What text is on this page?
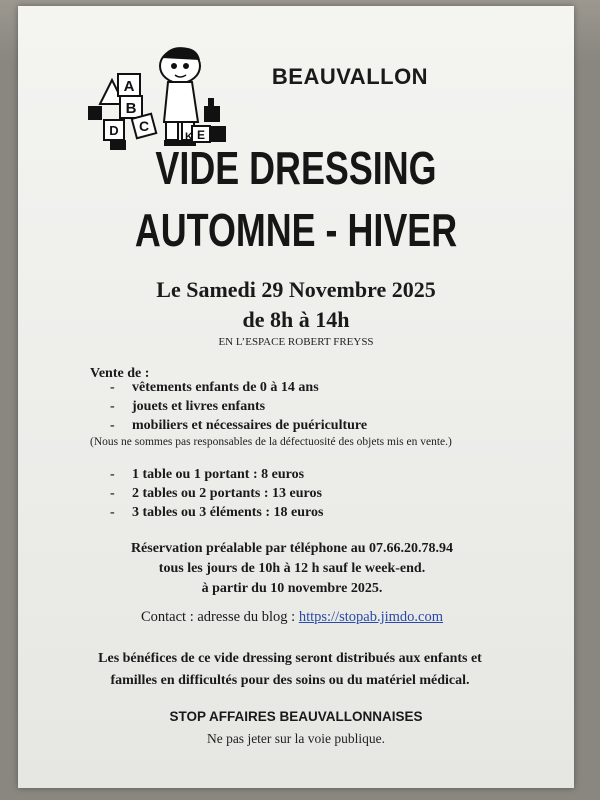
A
B
C
D	E
K
BEAUVALLON
VIDE DRESSING
AUTOMNE - HIVER
Le Samedi 29 Novembre 2025
de 8h à 14h
EN L’ESPACE ROBERT FREYSS
Vente de :
- vêtements enfants de 0 à 14 ans
- jouets et livres enfants
- mobiliers et nécessaires de puériculture
(Nous ne sommes pas responsables de la défectuosité des objets mis en vente.)
- 1 table ou 1 portant : 8 euros
- 2 tables ou 2 portants : 13 euros
- 3 tables ou 3 éléments : 18 euros
Réservation préalable par téléphone au 07.66.20.78.94
tous les jours de 10h à 12 h sauf le week-end.
à partir du 10 novembre 2025.
Contact : adresse du blog : https://stopab.jimdo.com
Les bénéfices de ce vide dressing seront distribués aux enfants et
familles en difficultés pour des soins ou du matériel médical.
STOP AFFAIRES BEAUVALLONNAISES
Ne pas jeter sur la voie publique.
